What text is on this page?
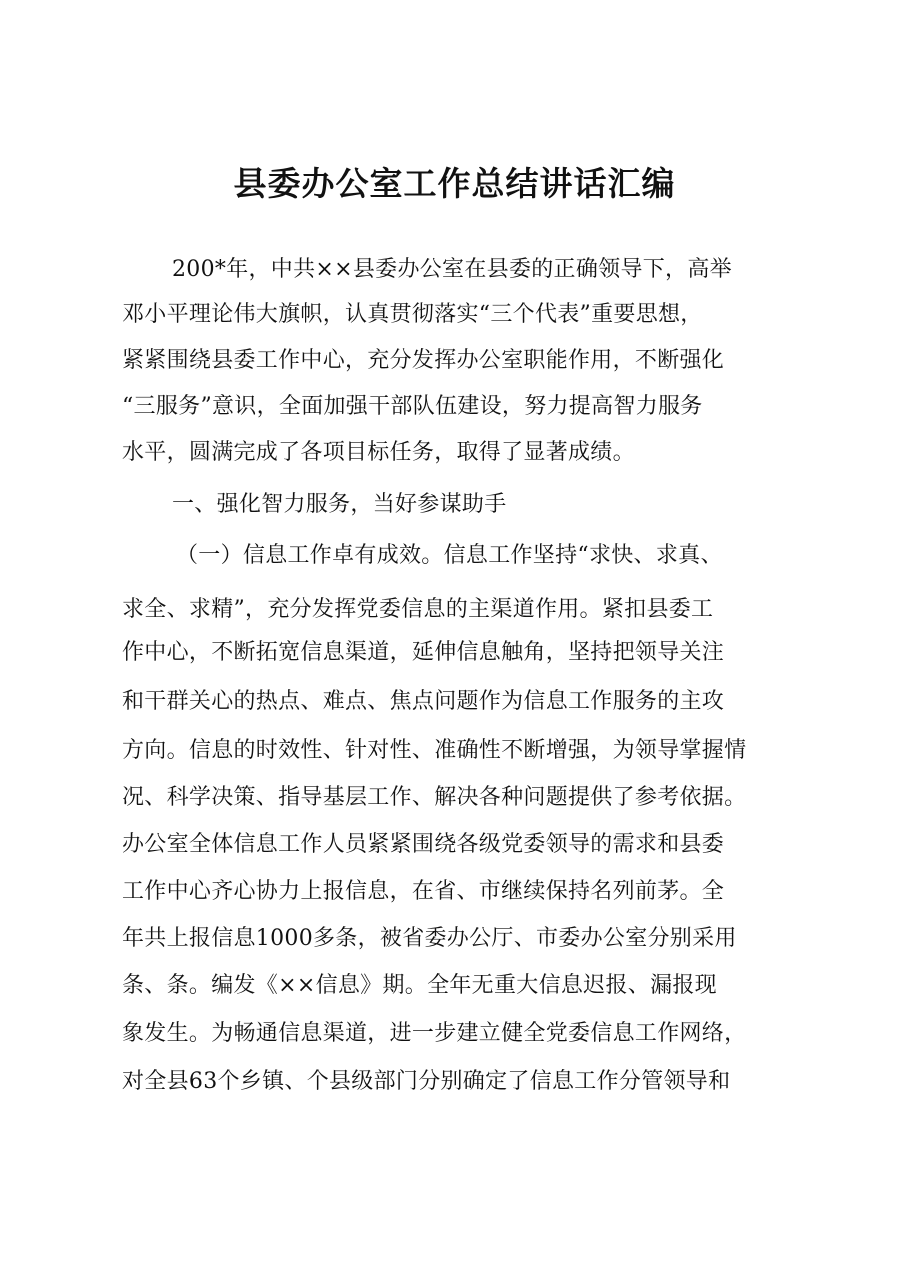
县委办公室工作总结讲话汇编
200*年，中共××县委办公室在县委的正确领导下，高举
邓小平理论伟大旗帜，认真贯彻落实“三个代表”重要思想，
紧紧围绕县委工作中心，充分发挥办公室职能作用，不断强化
“三服务”意识，全面加强干部队伍建设，努力提高智力服务
水平，圆满完成了各项目标任务，取得了显著成绩。
一、强化智力服务，当好参谋助手
（一）信息工作卓有成效。信息工作坚持“求快、求真、
求全、求精”，充分发挥党委信息的主渠道作用。紧扣县委工
作中心，不断拓宽信息渠道，延伸信息触角，坚持把领导关注
和干群关心的热点、难点、焦点问题作为信息工作服务的主攻
方向。信息的时效性、针对性、准确性不断增强，为领导掌握情
况、科学决策、指导基层工作、解决各种问题提供了参考依据。
办公室全体信息工作人员紧紧围绕各级党委领导的需求和县委
工作中心齐心协力上报信息，在省、市继续保持名列前茅。全
年共上报信息1000多条，被省委办公厅、市委办公室分别采用
条、条。编发《××信息》期。全年无重大信息迟报、漏报现
象发生。为畅通信息渠道，进一步建立健全党委信息工作网络，
对全县63个乡镇、个县级部门分别确定了信息工作分管领导和
